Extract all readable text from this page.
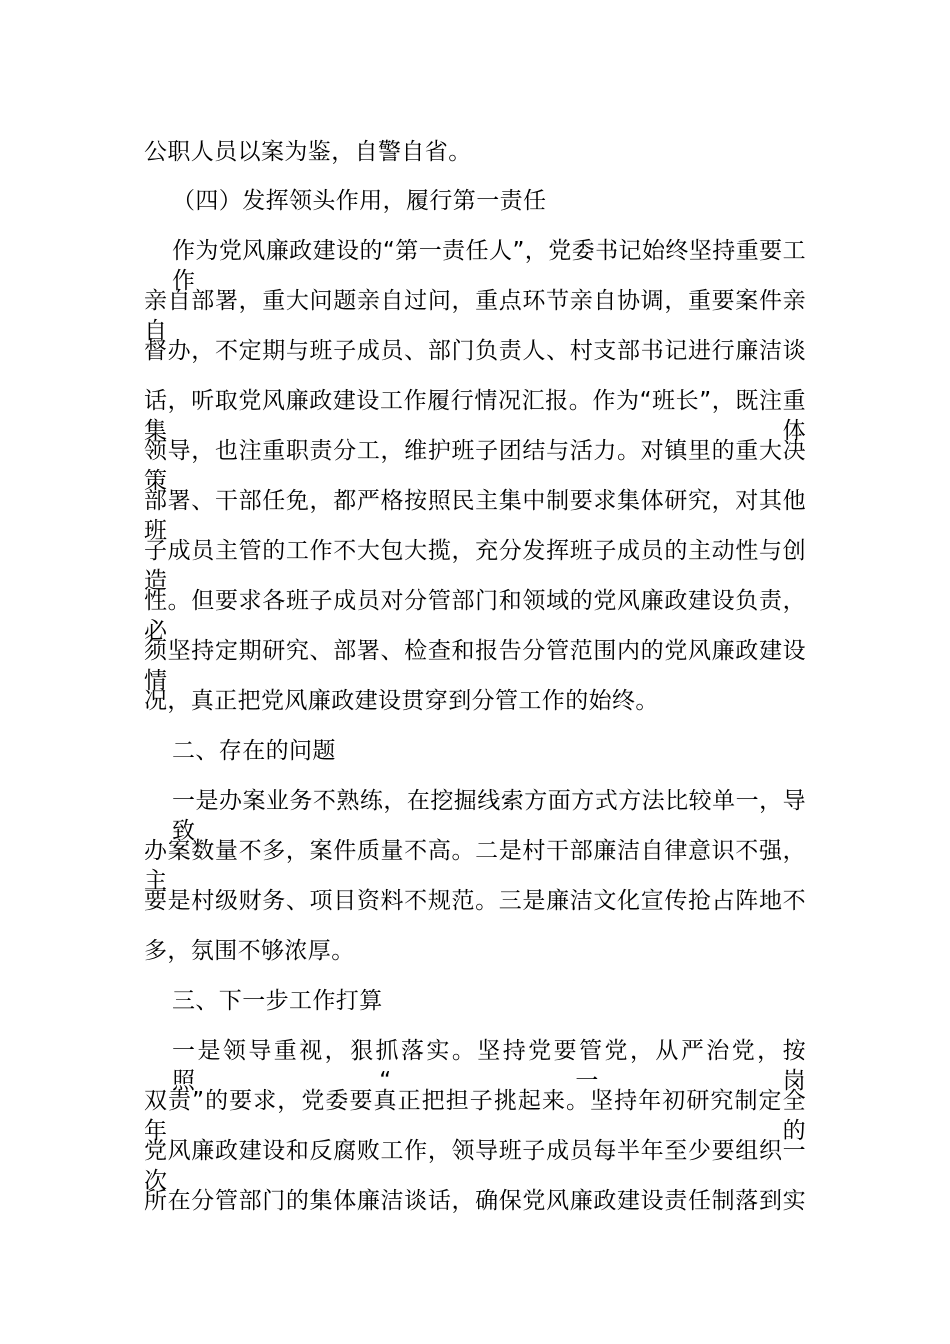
公职人员以案为鉴，自警自省。
（四）发挥领头作用，履行第一责任
作为党风廉政建设的“第一责任人”，党委书记始终坚持重要工作
亲自部署，重大问题亲自过问，重点环节亲自协调，重要案件亲自
督办，不定期与班子成员、部门负责人、村支部书记进行廉洁谈
话，听取党风廉政建设工作履行情况汇报。作为“班长”，既注重集体
领导，也注重职责分工，维护班子团结与活力。对镇里的重大决策
部署、干部任免，都严格按照民主集中制要求集体研究，对其他班
子成员主管的工作不大包大揽，充分发挥班子成员的主动性与创造
性。但要求各班子成员对分管部门和领域的党风廉政建设负责，必
须坚持定期研究、部署、检查和报告分管范围内的党风廉政建设情
况，真正把党风廉政建设贯穿到分管工作的始终。
二、存在的问题
一是办案业务不熟练，在挖掘线索方面方式方法比较单一，导致
办案数量不多，案件质量不高。二是村干部廉洁自律意识不强，主
要是村级财务、项目资料不规范。三是廉洁文化宣传抢占阵地不
多，氛围不够浓厚。
三、下一步工作打算
一是领导重视，狠抓落实。坚持党要管党，从严治党，按照“一岗
双责”的要求，党委要真正把担子挑起来。坚持年初研究制定全年的
党风廉政建设和反腐败工作，领导班子成员每半年至少要组织一次
所在分管部门的集体廉洁谈话，确保党风廉政建设责任制落到实
